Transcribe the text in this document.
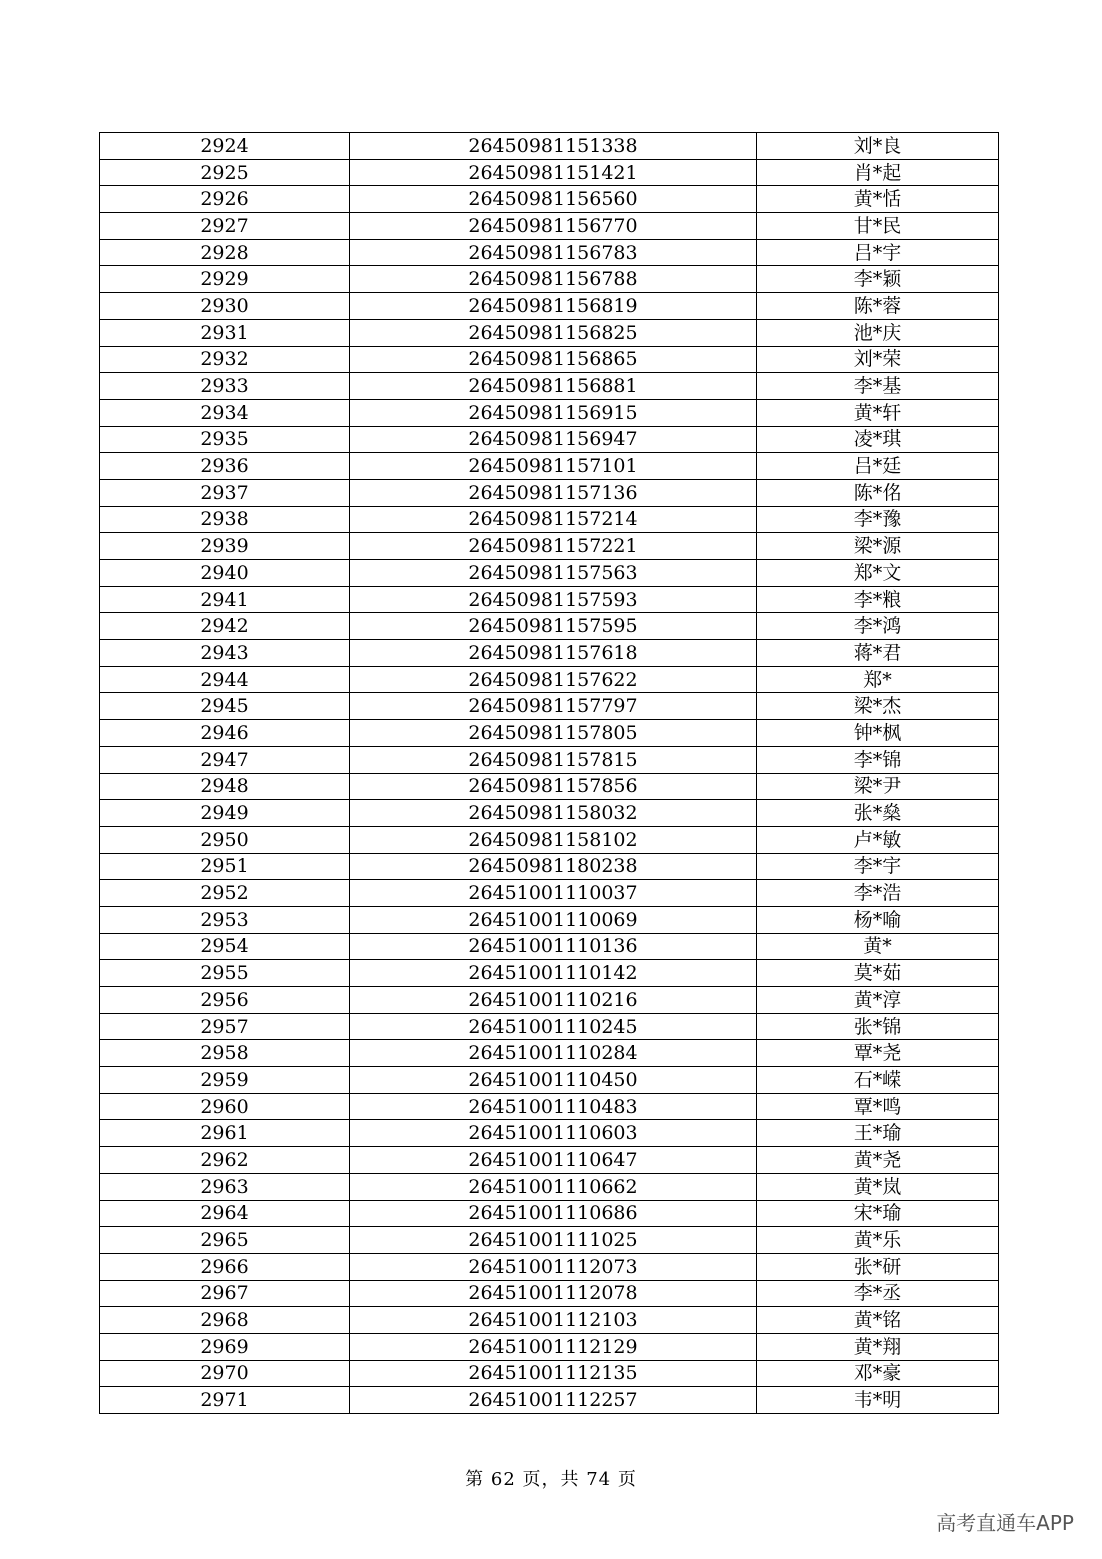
2924	26450981151338	刘*良
2925	26450981151421	肖*起
2926	26450981156560	黄*恬
2927	26450981156770	甘*民
2928	26450981156783	吕*宇
2929	26450981156788	李*颖
2930	26450981156819	陈*蓉
2931	26450981156825	池*庆
2932	26450981156865	刘*荣
2933	26450981156881	李*基
2934	26450981156915	黄*轩
2935	26450981156947	凌*琪
2936	26450981157101	吕*廷
2937	26450981157136	陈*佲
2938	26450981157214	李*豫
2939	26450981157221	梁*源
2940	26450981157563	郑*文
2941	26450981157593	李*粮
2942	26450981157595	李*鸿
2943	26450981157618	蒋*君
2944	26450981157622	郑*
2945	26450981157797	梁*杰
2946	26450981157805	钟*枫
2947	26450981157815	李*锦
2948	26450981157856	梁*尹
2949	26450981158032	张*燊
2950	26450981158102	卢*敏
2951	26450981180238	李*宇
2952	26451001110037	李*浩
2953	26451001110069	杨*喻
2954	26451001110136	黄*
2955	26451001110142	莫*茹
2956	26451001110216	黄*淳
2957	26451001110245	张*锦
2958	26451001110284	覃*尧
2959	26451001110450	石*嵘
2960	26451001110483	覃*鸣
2961	26451001110603	王*瑜
2962	26451001110647	黄*尧
2963	26451001110662	黄*岚
2964	26451001110686	宋*瑜
2965	26451001111025	黄*乐
2966	26451001112073	张*研
2967	26451001112078	李*丞
2968	26451001112103	黄*铭
2969	26451001112129	黄*翔
2970	26451001112135	邓*豪
2971	26451001112257	韦*明
第 62 页，共 74 页
高考直通车APP
